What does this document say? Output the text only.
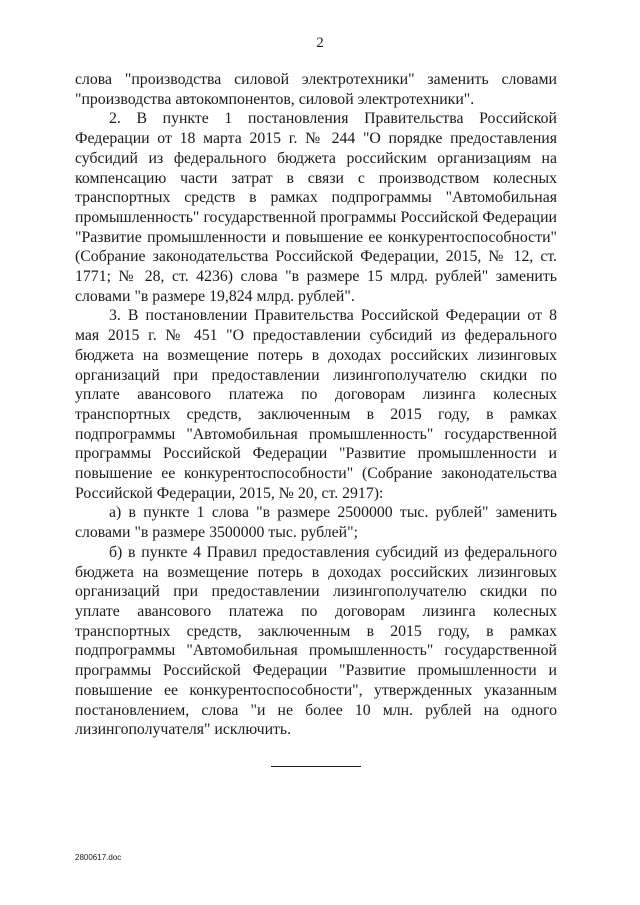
2

слова "производства силовой электротехники" заменить словами "производства автокомпонентов, силовой электротехники".

2. В пункте 1 постановления Правительства Российской Федерации от 18 марта 2015 г. № 244 "О порядке предоставления субсидий из федерального бюджета российским организациям на компенсацию части затрат в связи с производством колесных транспортных средств в рамках подпрограммы "Автомобильная промышленность" государственной программы Российской Федерации "Развитие промышленности и повышение ее конкурентоспособности" (Собрание законодательства Российской Федерации, 2015, № 12, ст. 1771; № 28, ст. 4236) слова "в размере 15 млрд. рублей" заменить словами "в размере 19,824 млрд. рублей".

3. В постановлении Правительства Российской Федерации от 8 мая 2015 г. № 451 "О предоставлении субсидий из федерального бюджета на возмещение потерь в доходах российских лизинговых организаций при предоставлении лизингополучателю скидки по уплате авансового платежа по договорам лизинга колесных транспортных средств, заключенным в 2015 году, в рамках подпрограммы "Автомобильная промышленность" государственной программы Российской Федерации "Развитие промышленности и повышение ее конкурентоспособности" (Собрание законодательства Российской Федерации, 2015, № 20, ст. 2917):

а) в пункте 1 слова "в размере 2500000 тыс. рублей" заменить словами "в размере 3500000 тыс. рублей";

б) в пункте 4 Правил предоставления субсидий из федерального бюджета на возмещение потерь в доходах российских лизинговых организаций при предоставлении лизингополучателю скидки по уплате авансового платежа по договорам лизинга колесных транспортных средств, заключенным в 2015 году, в рамках подпрограммы "Автомобильная промышленность" государственной программы Российской Федерации "Развитие промышленности и повышение ее конкурентоспособности", утвержденных указанным постановлением, слова "и не более 10 млн. рублей на одного лизингополучателя" исключить.

2800617.doc
